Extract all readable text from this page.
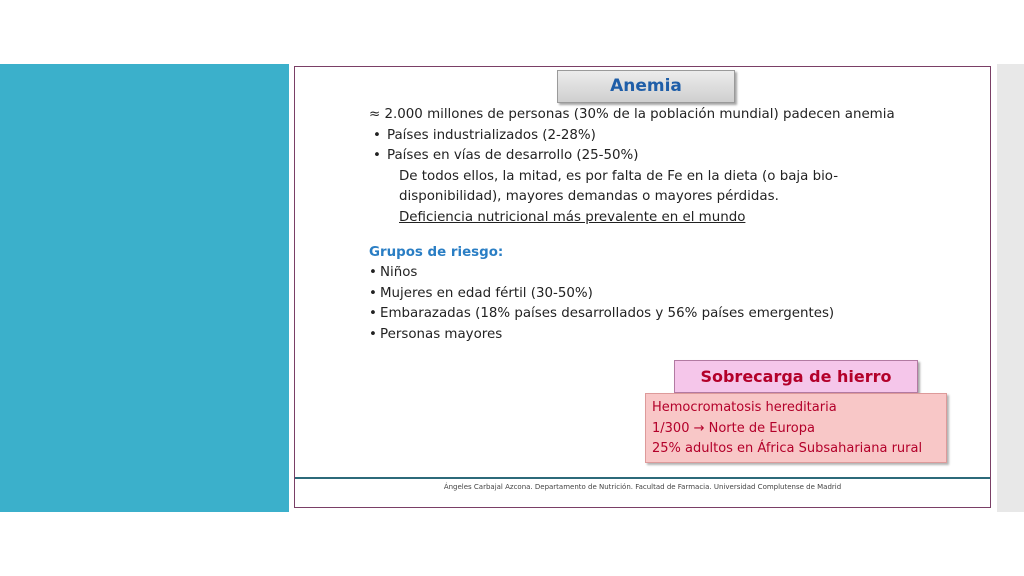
Anemia
≈ 2.000 millones de personas (30% de la población mundial) padecen anemia
• Países industrializados (2-28%)
• Países en vías de desarrollo (25-50%)
De todos ellos, la mitad, es por falta de Fe en la dieta (o baja bio-
disponibilidad), mayores demandas o mayores pérdidas.
Deficiencia nutricional más prevalente en el mundo
Grupos de riesgo:
• Niños
• Mujeres en edad fértil (30-50%)
• Embarazadas (18% países desarrollados y 56% países emergentes)
• Personas mayores
Sobrecarga de hierro
Hemocromatosis hereditaria
1/300 → Norte de Europa
25% adultos en África Subsahariana rural
Ángeles Carbajal Azcona. Departamento de Nutrición. Facultad de Farmacia. Universidad Complutense de Madrid
